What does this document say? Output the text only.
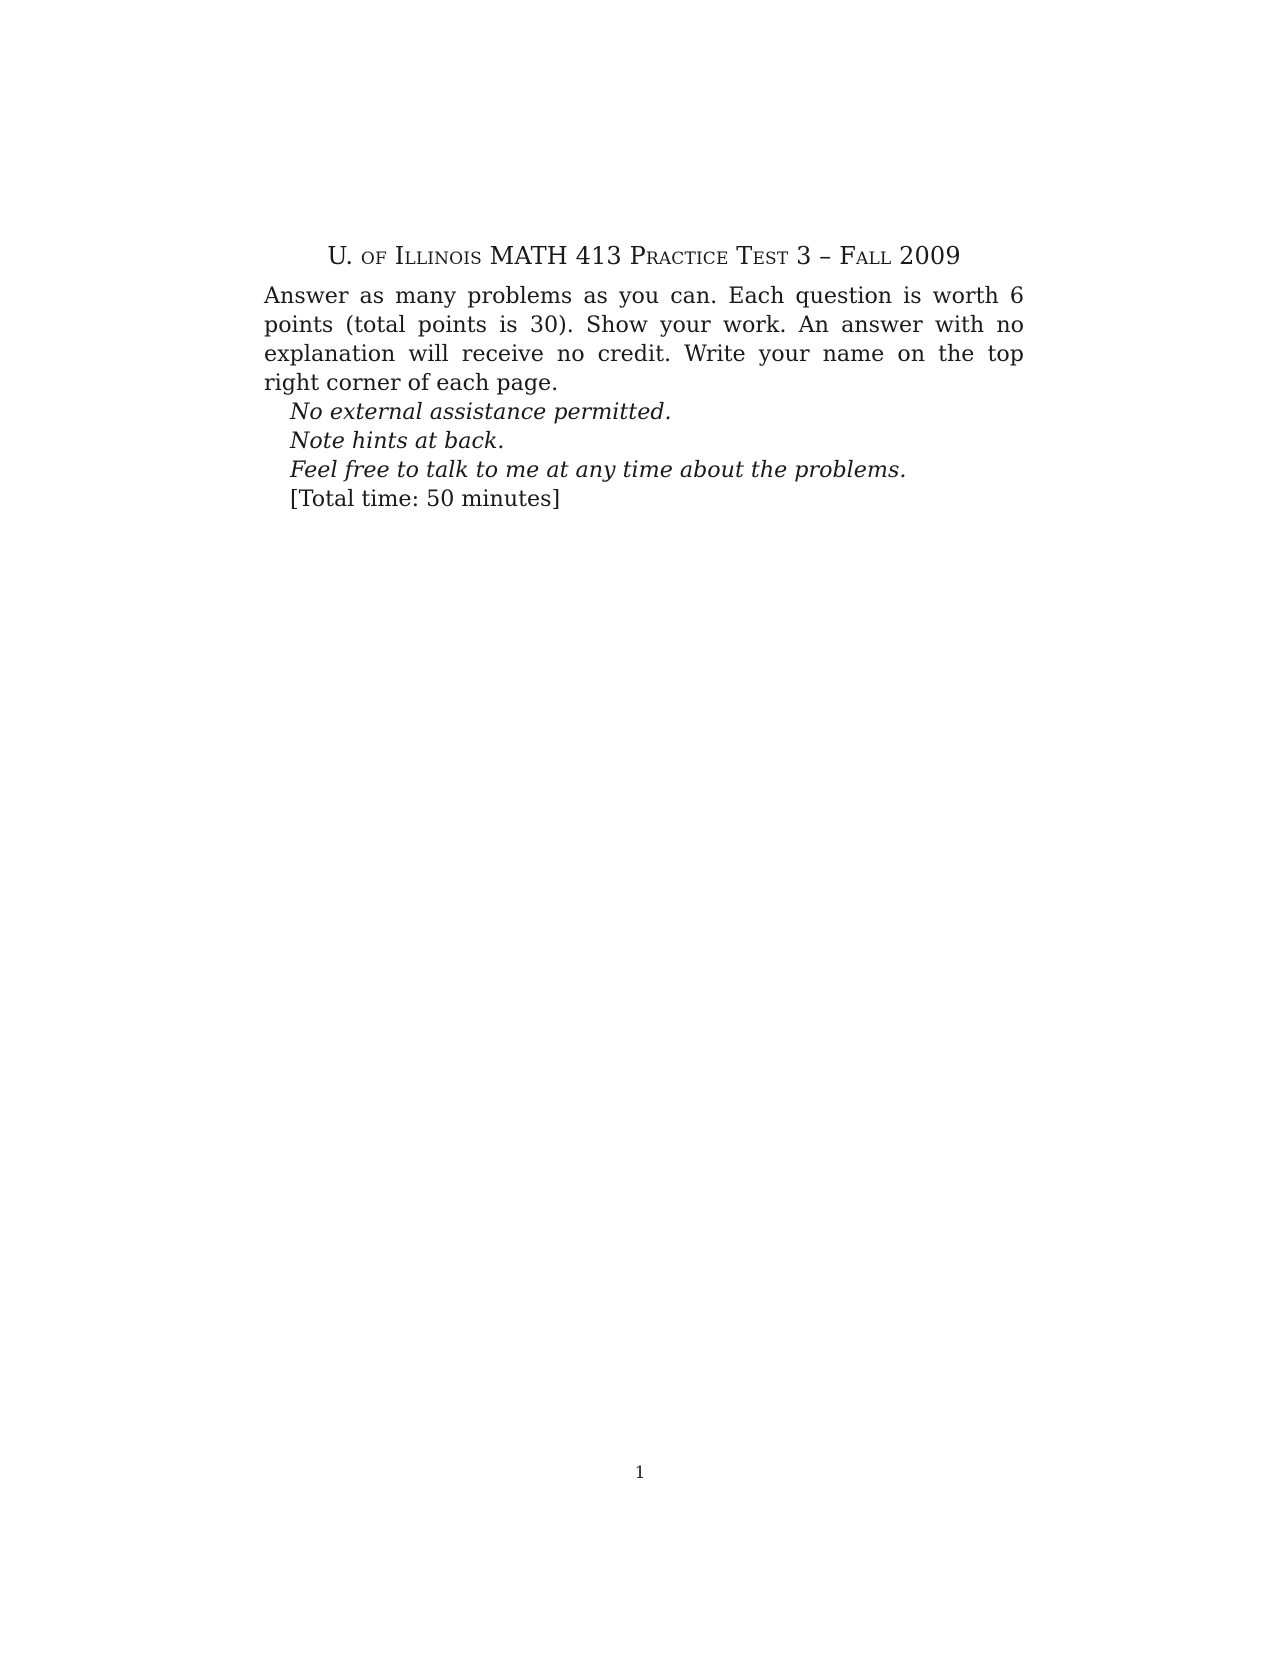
U. of Illinois MATH 413 Practice Test 3 – Fall 2009

Answer as many problems as you can. Each question is worth 6 points (total points is 30). Show your work. An answer with no explanation will receive no credit. Write your name on the top right corner of each page.

No external assistance permitted.

Note hints at back.

Feel free to talk to me at any time about the problems.

[Total time: 50 minutes]

1
